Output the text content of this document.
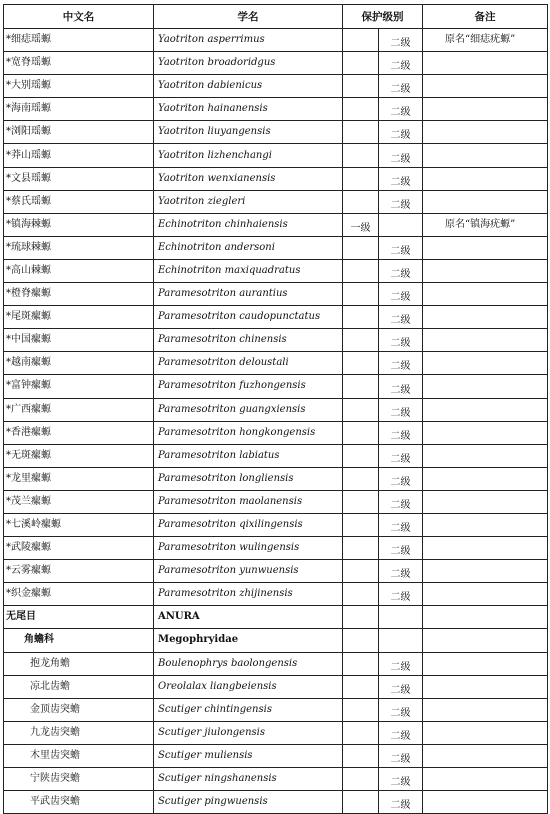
中文名	学名	保护级别		备注
*细痣瑶螈	Yaotriton asperrimus		二级	原名“细痣疣螈”
*宽脊瑶螈	Yaotriton broadoridgus		二级	
*大别瑶螈	Yaotriton dabienicus		二级	
*海南瑶螈	Yaotriton hainanensis		二级	
*浏阳瑶螈	Yaotriton liuyangensis		二级	
*莽山瑶螈	Yaotriton lizhenchangi		二级	
*文县瑶螈	Yaotriton wenxianensis		二级	
*蔡氏瑶螈	Yaotriton ziegleri		二级	
*镇海棘螈	Echinotriton chinhaiensis	一级		原名“镇海疣螈”
*琉球棘螈	Echinotriton andersoni		二级	
*高山棘螈	Echinotriton maxiquadratus		二级	
*橙脊瘰螈	Paramesotriton aurantius		二级	
*尾斑瘰螈	Paramesotriton caudopunctatus		二级	
*中国瘰螈	Paramesotriton chinensis		二级	
*越南瘰螈	Paramesotriton deloustali		二级	
*富钟瘰螈	Paramesotriton fuzhongensis		二级	
*广西瘰螈	Paramesotriton guangxiensis		二级	
*香港瘰螈	Paramesotriton hongkongensis		二级	
*无斑瘰螈	Paramesotriton labiatus		二级	
*龙里瘰螈	Paramesotriton longliensis		二级	
*茂兰瘰螈	Paramesotriton maolanensis		二级	
*七溪岭瘰螈	Paramesotriton qixilingensis		二级	
*武陵瘰螈	Paramesotriton wulingensis		二级	
*云雾瘰螈	Paramesotriton yunwuensis		二级	
*织金瘰螈	Paramesotriton zhijinensis		二级	
无尾目	ANURA			
角蟾科	Megophryidae			
抱龙角蟾	Boulenophrys baolongensis		二级	
凉北齿蟾	Oreolalax liangbeiensis		二级	
金顶齿突蟾	Scutiger chintingensis		二级	
九龙齿突蟾	Scutiger jiulongensis		二级	
木里齿突蟾	Scutiger muliensis		二级	
宁陕齿突蟾	Scutiger ningshanensis		二级	
平武齿突蟾	Scutiger pingwuensis		二级	
